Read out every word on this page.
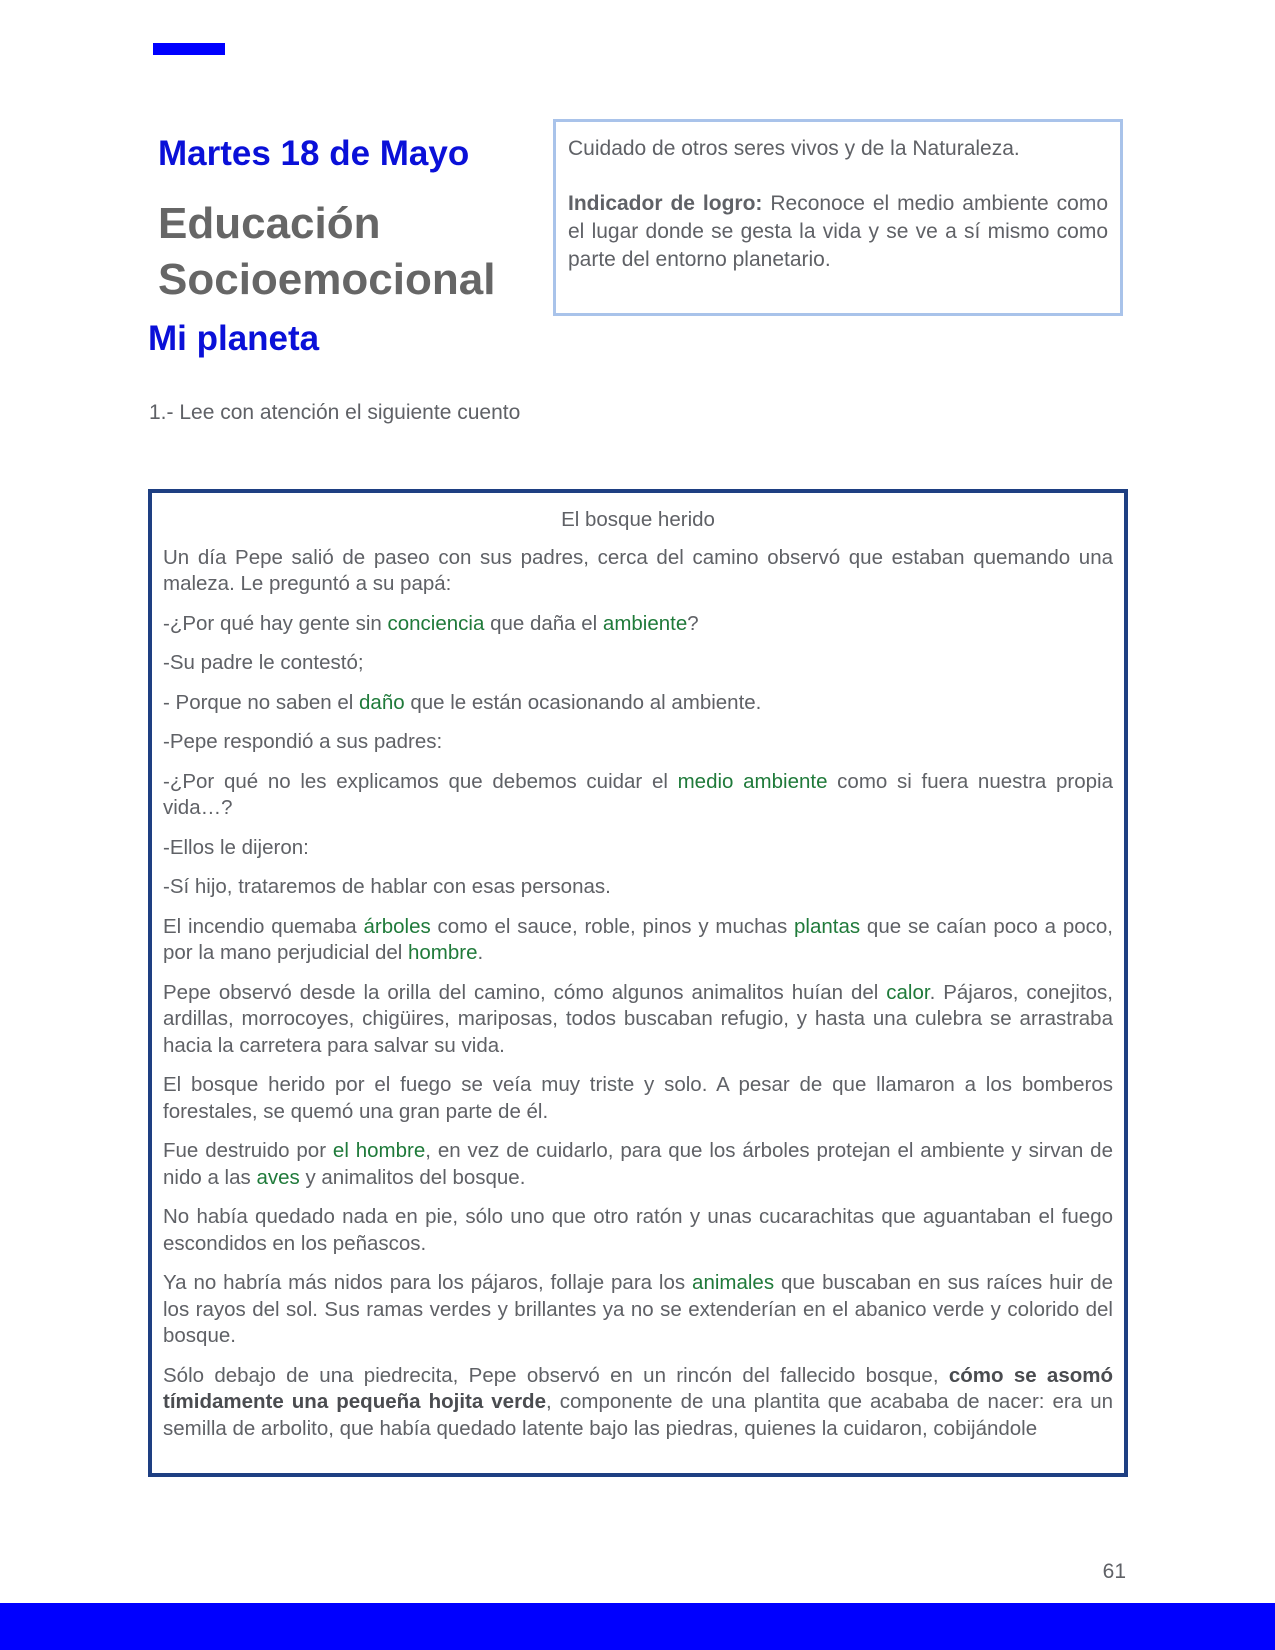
Martes 18 de Mayo
Educación Socioemocional
Mi planeta

Cuidado de otros seres vivos y de la Naturaleza.

Indicador de logro: Reconoce el medio ambiente como el lugar donde se gesta la vida y se ve a sí mismo como parte del entorno planetario.

1.- Lee con atención el siguiente cuento

El bosque herido

Un día Pepe salió de paseo con sus padres, cerca del camino observó que estaban quemando una maleza. Le preguntó a su papá:

-¿Por qué hay gente sin conciencia que daña el ambiente?

-Su padre le contestó;

- Porque no saben el daño que le están ocasionando al ambiente.

-Pepe respondió a sus padres:

-¿Por qué no les explicamos que debemos cuidar el medio ambiente como si fuera nuestra propia vida…?

-Ellos le dijeron:

-Sí hijo, trataremos de hablar con esas personas.

El incendio quemaba árboles como el sauce, roble, pinos y muchas plantas que se caían poco a poco, por la mano perjudicial del hombre.

Pepe observó desde la orilla del camino, cómo algunos animalitos huían del calor. Pájaros, conejitos, ardillas, morrocoyes, chigüires, mariposas, todos buscaban refugio, y hasta una culebra se arrastraba hacia la carretera para salvar su vida.

El bosque herido por el fuego se veía muy triste y solo. A pesar de que llamaron a los bomberos forestales, se quemó una gran parte de él.

Fue destruido por el hombre, en vez de cuidarlo, para que los árboles protejan el ambiente y sirvan de nido a las aves y animalitos del bosque.

No había quedado nada en pie, sólo uno que otro ratón y unas cucarachitas que aguantaban el fuego escondidos en los peñascos.

Ya no habría más nidos para los pájaros, follaje para los animales que buscaban en sus raíces huir de los rayos del sol. Sus ramas verdes y brillantes ya no se extenderían en el abanico verde y colorido del bosque.

Sólo debajo de una piedrecita, Pepe observó en un rincón del fallecido bosque, cómo se asomó tímidamente una pequeña hojita verde, componente de una plantita que acababa de nacer: era un semilla de arbolito, que había quedado latente bajo las piedras, quienes la cuidaron, cobijándole

61
